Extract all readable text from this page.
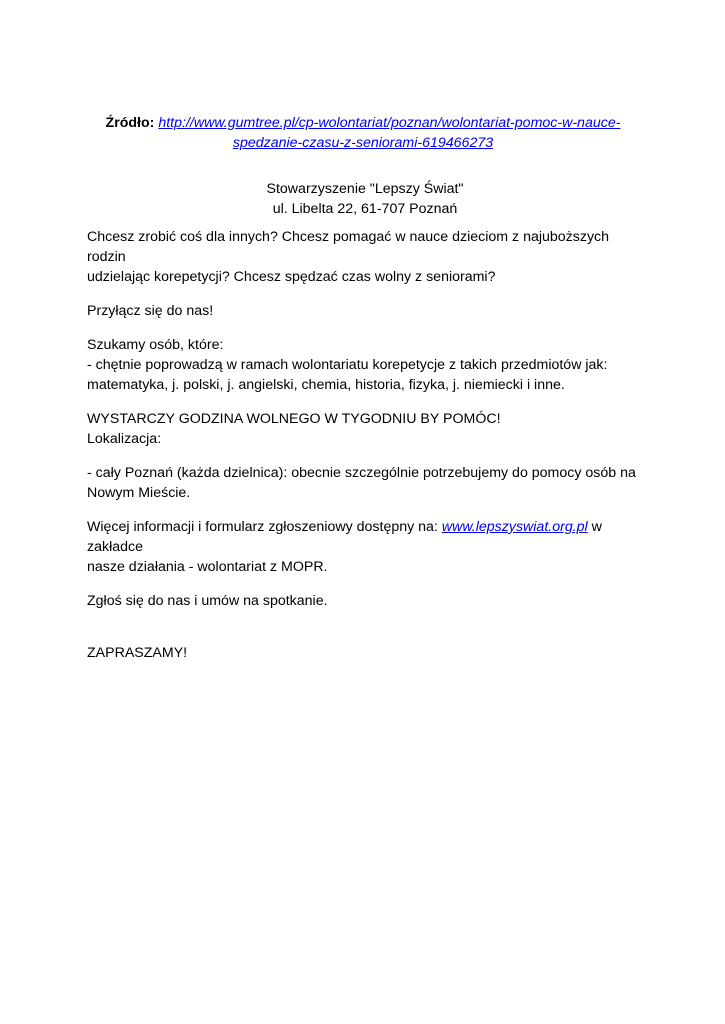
Źródło: http://www.gumtree.pl/cp-wolontariat/poznan/wolontariat-pomoc-w-nauce-
spedzanie-czasu-z-seniorami-619466273
Stowarzyszenie "Lepszy Świat"
ul. Libelta 22, 61-707 Poznań

Chcesz zrobić coś dla innych? Chcesz pomagać w nauce dzieciom z najuboższych rodzin

udzielając korepetycji? Chcesz spędzać czas wolny z seniorami?

Przyłącz się do nas!

Szukamy osób, które:

- chętnie poprowadzą w ramach wolontariatu korepetycje z takich przedmiotów jak:

matematyka, j. polski, j. angielski, chemia, historia, fizyka, j. niemiecki i inne.

WYSTARCZY GODZINA WOLNEGO W TYGODNIU BY POMÓC!

Lokalizacja:

- cały Poznań (każda dzielnica): obecnie szczególnie potrzebujemy do pomocy osób na

Nowym Mieście.

Więcej informacji i formularz zgłoszeniowy dostępny na: www.lepszyswiat.org.pl w zakładce

nasze działania - wolontariat z MOPR.

Zgłoś się do nas i umów na spotkanie.

ZAPRASZAMY!
